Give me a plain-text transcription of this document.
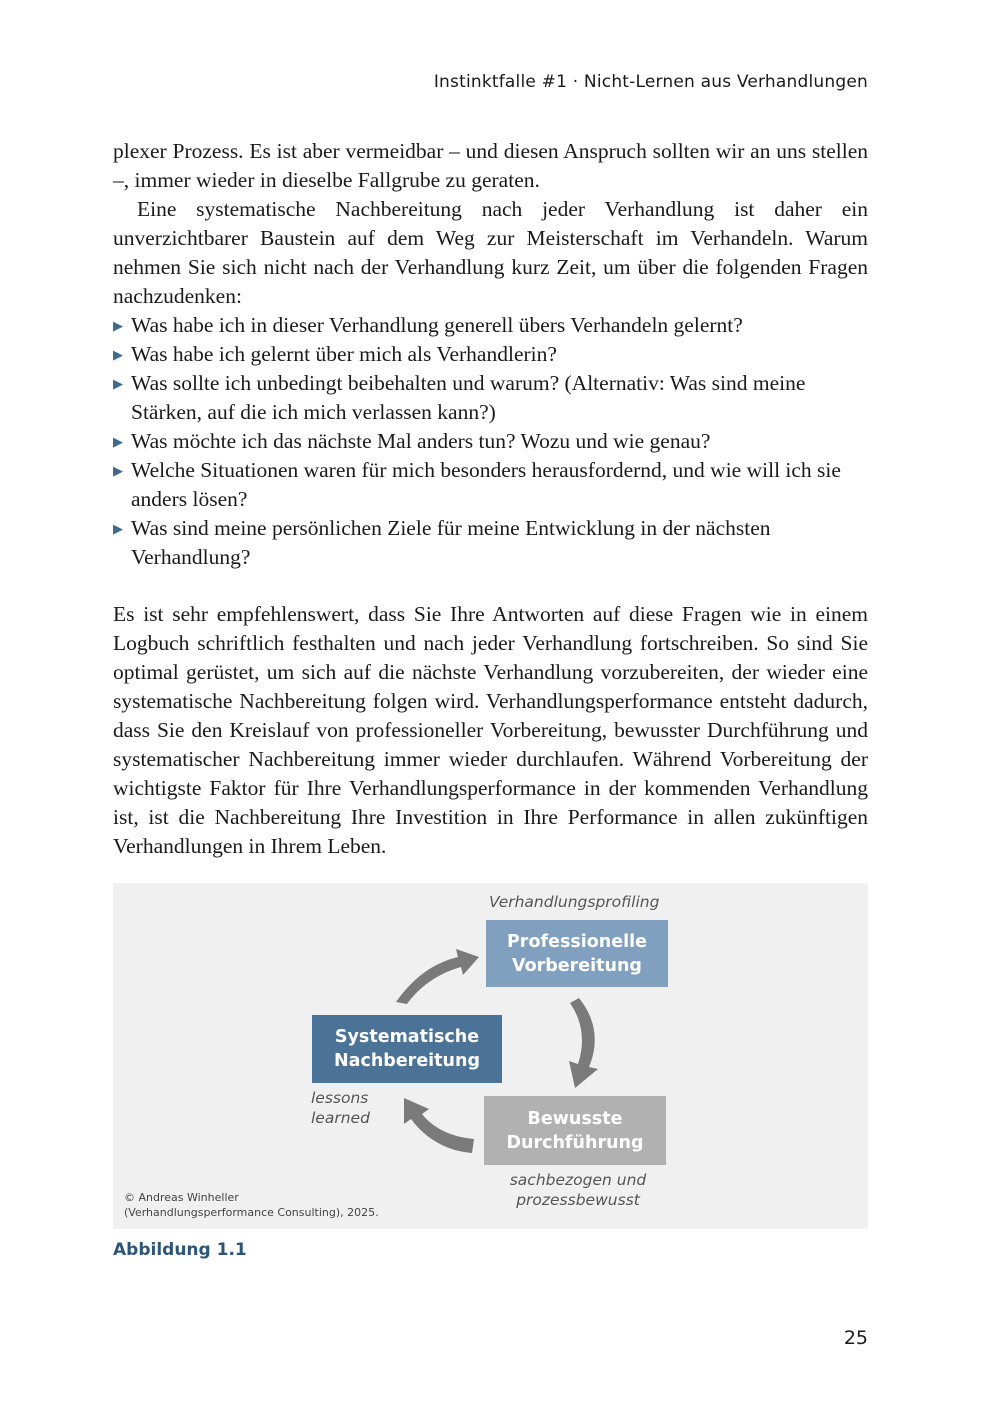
Instinktfalle #1 · Nicht-Lernen aus Verhandlungen

plexer Prozess. Es ist aber vermeidbar – und diesen Anspruch sollten wir an uns stellen –, immer wieder in dieselbe Fallgrube zu geraten.
Eine systematische Nachbereitung nach jeder Verhandlung ist daher ein unverzichtbarer Baustein auf dem Weg zur Meisterschaft im Verhandeln. Warum nehmen Sie sich nicht nach der Verhandlung kurz Zeit, um über die folgenden Fragen nachzudenken:

▶ Was habe ich in dieser Verhandlung generell übers Verhandeln gelernt?
▶ Was habe ich gelernt über mich als Verhandlerin?
▶ Was sollte ich unbedingt beibehalten und warum? (Alternativ: Was sind meine Stärken, auf die ich mich verlassen kann?)
▶ Was möchte ich das nächste Mal anders tun? Wozu und wie genau?
▶ Welche Situationen waren für mich besonders herausfordernd, und wie will ich sie anders lösen?
▶ Was sind meine persönlichen Ziele für meine Entwicklung in der nächsten Verhandlung?

Es ist sehr empfehlenswert, dass Sie Ihre Antworten auf diese Fragen wie in einem Logbuch schriftlich festhalten und nach jeder Verhandlung fortschreiben. So sind Sie optimal gerüstet, um sich auf die nächste Verhandlung vorzubereiten, der wieder eine systematische Nachbereitung folgen wird. Verhandlungsperformance entsteht dadurch, dass Sie den Kreislauf von professioneller Vorbereitung, bewusster Durchführung und systematischer Nachbereitung immer wieder durchlaufen. Während Vorbereitung der wichtigste Faktor für Ihre Verhandlungsperformance in der kommenden Verhandlung ist, ist die Nachbereitung Ihre Investition in Ihre Performance in allen zukünftigen Verhandlungen in Ihrem Leben.

Verhandlungsprofiling
Professionelle
Vorbereitung
Systematische
Nachbereitung
Bewusste
Durchführung
lessons
learned
sachbezogen und
prozessbewusst
© Andreas Winheller
(Verhandlungsperformance Consulting), 2025.
Abbildung 1.1
25
